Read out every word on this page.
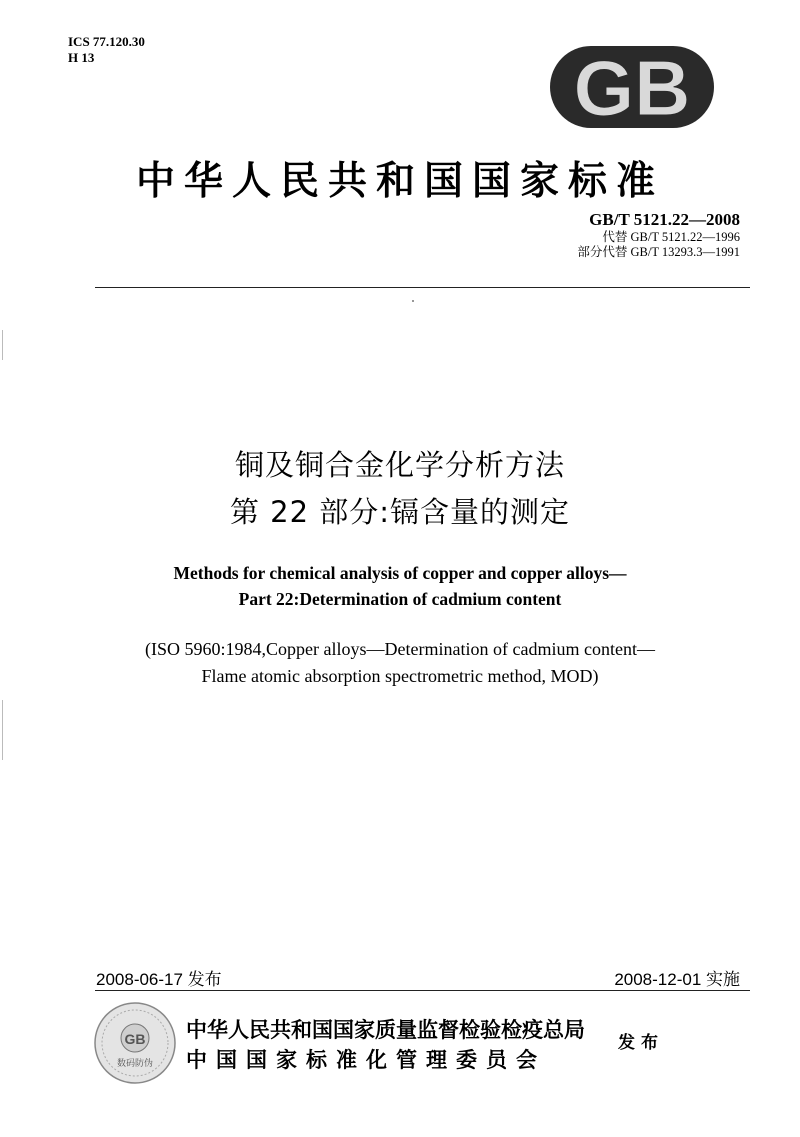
ICS 77.120.30
H 13	GB
中华人民共和国国家标准
GB/T 5121.22—2008
代替 GB/T 5121.22—1996
部分代替 GB/T 13293.3—1991
铜及铜合金化学分析方法
第 22 部分:镉含量的测定
Methods for chemical analysis of copper and copper alloys—
Part 22:Determination of cadmium content
(ISO 5960:1984,Copper alloys—Determination of cadmium content—
Flame atomic absorption spectrometric method, MOD)
2008-06-17 发布	2008-12-01 实施
GB
数码防伪
中华人民共和国国家质量监督检验检疫总局
中国国家标准化管理委员会
发布
